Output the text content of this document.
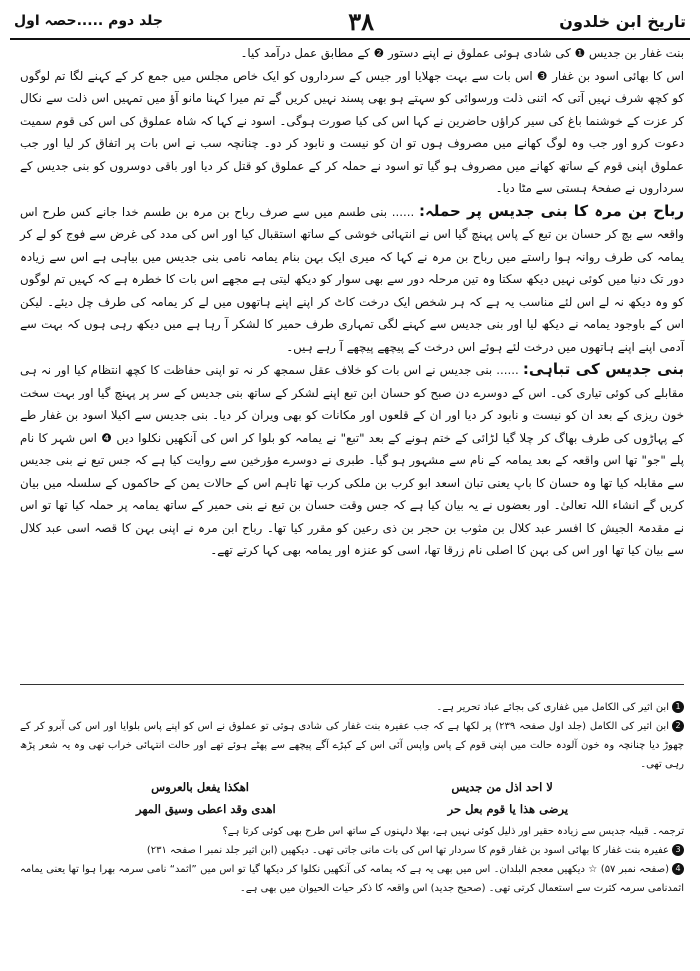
جلد دوم .....حصہ اول	۳۸	تاریخ ابن خلدون

بنت غفار بن جدیس ❶ کی شادی ہوئی عملوق نے اپنے دستور ❷ کے مطابق عمل درآمد کیا۔

اس کا بھائی اسود بن غفار ❸ اس بات سے بہت جھلایا اور جیس کے سرداروں کو ایک خاص مجلس میں جمع کر کے کہنے لگا تم لوگوں کو کچھ شرف نہیں آتی کہ اتنی ذلت ورسوائی کو سہتے ہو بھی پسند نہیں کریں گے تم میرا کہنا مانو آؤ میں تمہیں اس ذلت سے نکال کر عزت کے خوشنما باغ کی سیر کراؤں حاضرین نے کہا اس کی کیا صورت ہوگی۔ اسود نے کہا کہ شاہ عملوق کی اس کی قوم سمیت دعوت کرو اور جب وہ لوگ کھانے میں مصروف ہوں تو ان کو نیست و نابود کر دو۔ چنانچہ سب نے اس بات پر اتفاق کر لیا اور جب عملوق اپنی قوم کے ساتھ کھانے میں مصروف ہو گیا تو اسود نے حملہ کر کے عملوق کو قتل کر دیا اور باقی دوسروں کو بنی جدیس کے سرداروں نے صفحۂ ہستی سے مٹا دیا۔

رباح بن مرہ کا بنی جدیس پر حملہ: ...... بنی طسم میں سے صرف رباح بن مرہ بن طسم خدا جانے کس طرح اس واقعہ سے بچ کر حسان بن تبع کے پاس پہنچ گیا اس نے انتہائی خوشی کے ساتھ استقبال کیا اور اس کی مدد کی غرض سے فوج کو لے کر یمامہ کی طرف روانہ ہوا راستے میں رباح بن مرہ نے کہا کہ میری ایک بہن بنام یمامہ نامی بنی جدیس میں بیاہی ہے اس سے زیادہ دور تک دنیا میں کوئی نہیں دیکھ سکتا وہ تین مرحلہ دور سے بھی سوار کو دیکھ لیتی ہے مجھے اس بات کا خطرہ ہے کہ کہیں تم لوگوں کو وہ دیکھ نہ لے اس لئے مناسب یہ ہے کہ ہر شخص ایک درخت کاٹ کر اپنے اپنے ہاتھوں میں لے کر یمامہ کی طرف چل دیئے۔ لیکن اس کے باوجود یمامہ نے دیکھ لیا اور بنی جدیس سے کہنے لگی تمہاری طرف حمیر کا لشکر آ رہا ہے میں دیکھ رہی ہوں کہ بہت سے آدمی اپنے اپنے ہاتھوں میں درخت لئے ہوئے اس درخت کے پیچھے پیچھے آ رہے ہیں۔

بنی جدیس کی تباہی: ...... بنی جدیس نے اس بات کو خلاف عقل سمجھ کر نہ تو اپنی حفاظت کا کچھ انتظام کیا اور نہ ہی مقابلے کی کوئی تیاری کی۔ اس کے دوسرے دن صبح کو حسان ابن تبع اپنے لشکر کے ساتھ بنی جدیس کے سر پر پہنچ گیا اور بہت سخت خون ریزی کے بعد ان کو نیست و نابود کر دیا اور ان کے قلعوں اور مکانات کو بھی ویران کر دیا۔ بنی جدیس سے اکیلا اسود بن غفار طے کے پہاڑوں کی طرف بھاگ کر چلا گیا لڑائی کے ختم ہونے کے بعد "تبع" نے یمامہ کو بلوا کر اس کی آنکھیں نکلوا دیں ❹ اس شہر کا نام پلے "جو" تھا اس واقعہ کے بعد یمامہ کے نام سے مشہور ہو گیا۔ طبری نے دوسرے مؤرخین سے روایت کیا ہے کہ جس تبع نے بنی جدیس سے مقابلہ کیا تھا وہ حسان کا باپ یعنی تبان اسعد ابو کرب بن ملکی کرب تھا تاہم اس کے حالات یمن کے حاکموں کے سلسلہ میں بیان کریں گے انشاء اللہ تعالیٰ۔ اور بعضوں نے یہ بیان کیا ہے کہ جس وقت حسان بن تبع نے بنی حمیر کے ساتھ یمامہ پر حملہ کیا تھا تو اس نے مقدمۃ الجیش کا افسر عبد کلال بن مثوب بن حجر بن ذی رعین کو مقرر کیا تھا۔ رباح ابن مرہ نے اپنی بہن کا قصہ اسی عبد کلال سے بیان کیا تھا اور اس کی بہن کا اصلی نام زرقا تھا، اسی کو عنزہ اور یمامہ بھی کہا کرتے تھے۔

1ابن اثیر کی الکامل میں غفاری کی بجائے عباد تحریر ہے۔

2ابن اثیر کی الکامل (جلد اول صفحہ ۲۳۹) پر لکھا ہے کہ جب عفیرہ بنت غفار کی شادی ہوئی تو عملوق نے اس کو اپنے پاس بلوایا اور اس کی آبرو کر کے چھوڑ دیا چنانچہ وہ خون آلودہ حالت میں اپنی قوم کے پاس واپس آئی اس کے کپڑے آگے پیچھے سے پھٹے ہوئے تھے اور حالت انتہائی خراب تھی وہ یہ شعر پڑھ رہی تھی۔

لا احد اذل من جدیس
اھکذا یفعل بالعروس
یرضی ھذا یا قوم بعل حر
اھدی وقد اعطی وسیق المھر

ترجمہ۔ قبیلہ جدیس سے زیادہ حقیر اور ذلیل کوئی نہیں ہے، بھلا دلہنوں کے ساتھ اس طرح بھی کوئی کرتا ہے؟

3عفیرہ بنت غفار کا بھائی اسود بن غفار قوم کا سردار تھا اس کی بات مانی جاتی تھی۔ دیکھیں (ابن اثیر جلد نمبر ا صفحہ ۲۳۱)

4(صفحہ نمبر ۵۷) ☆ دیکھیں معجم البلدان۔ اس میں بھی یہ ہے کہ یمامہ کی آنکھیں نکلوا کر دیکھا گیا تو اس میں ”اثمد“ نامی سرمہ بھرا ہوا تھا یعنی یمامہ اثمدنامی سرمہ کثرت سے استعمال کرتی تھی۔ (صحیح جدید) اس واقعہ کا ذکر حیات الحیوان میں بھی ہے۔
